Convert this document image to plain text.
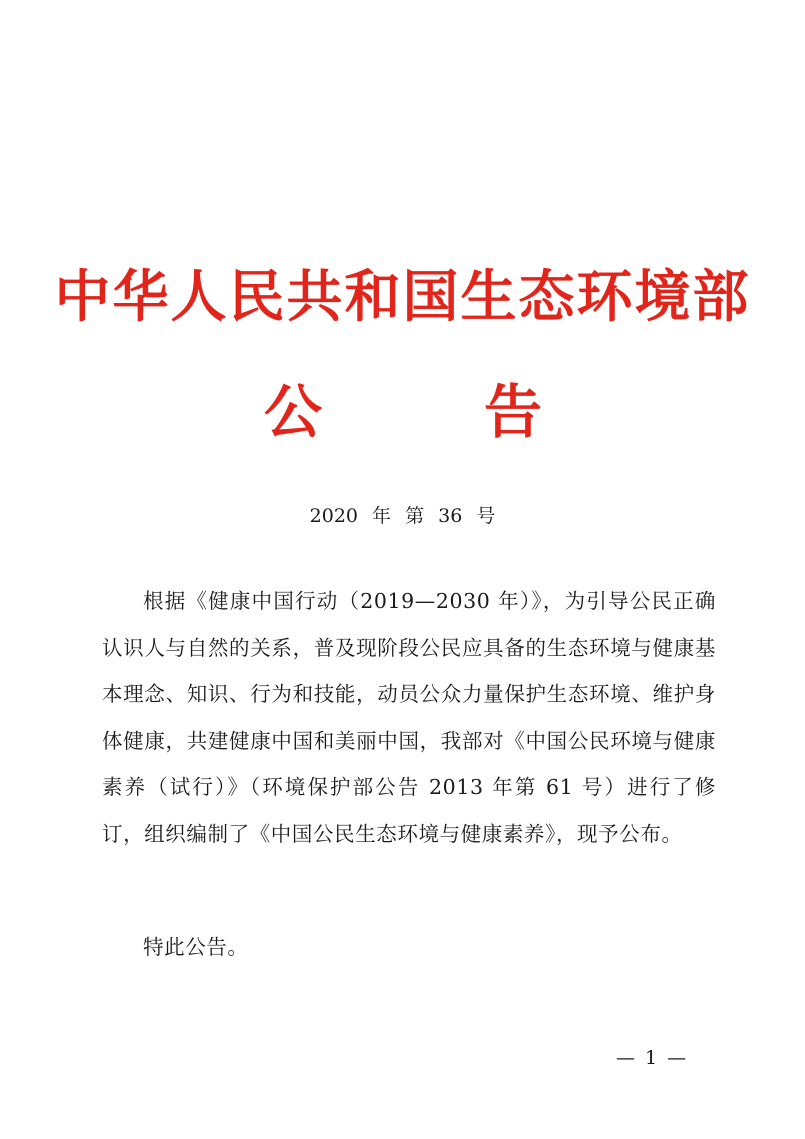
中华人民共和国生态环境部
公	告
2020 年 第 36 号

根据《健康中国行动（2019—2030 年）》，为引导公民正确认识人与自然的关系，普及现阶段公民应具备的生态环境与健康基本理念、知识、行为和技能，动员公众力量保护生态环境、维护身体健康，共建健康中国和美丽中国，我部对《中国公民环境与健康素养（试行）》（环境保护部公告 2013 年第 61 号）进行了修订，组织编制了《中国公民生态环境与健康素养》，现予公布。

特此公告。

— 1 —
